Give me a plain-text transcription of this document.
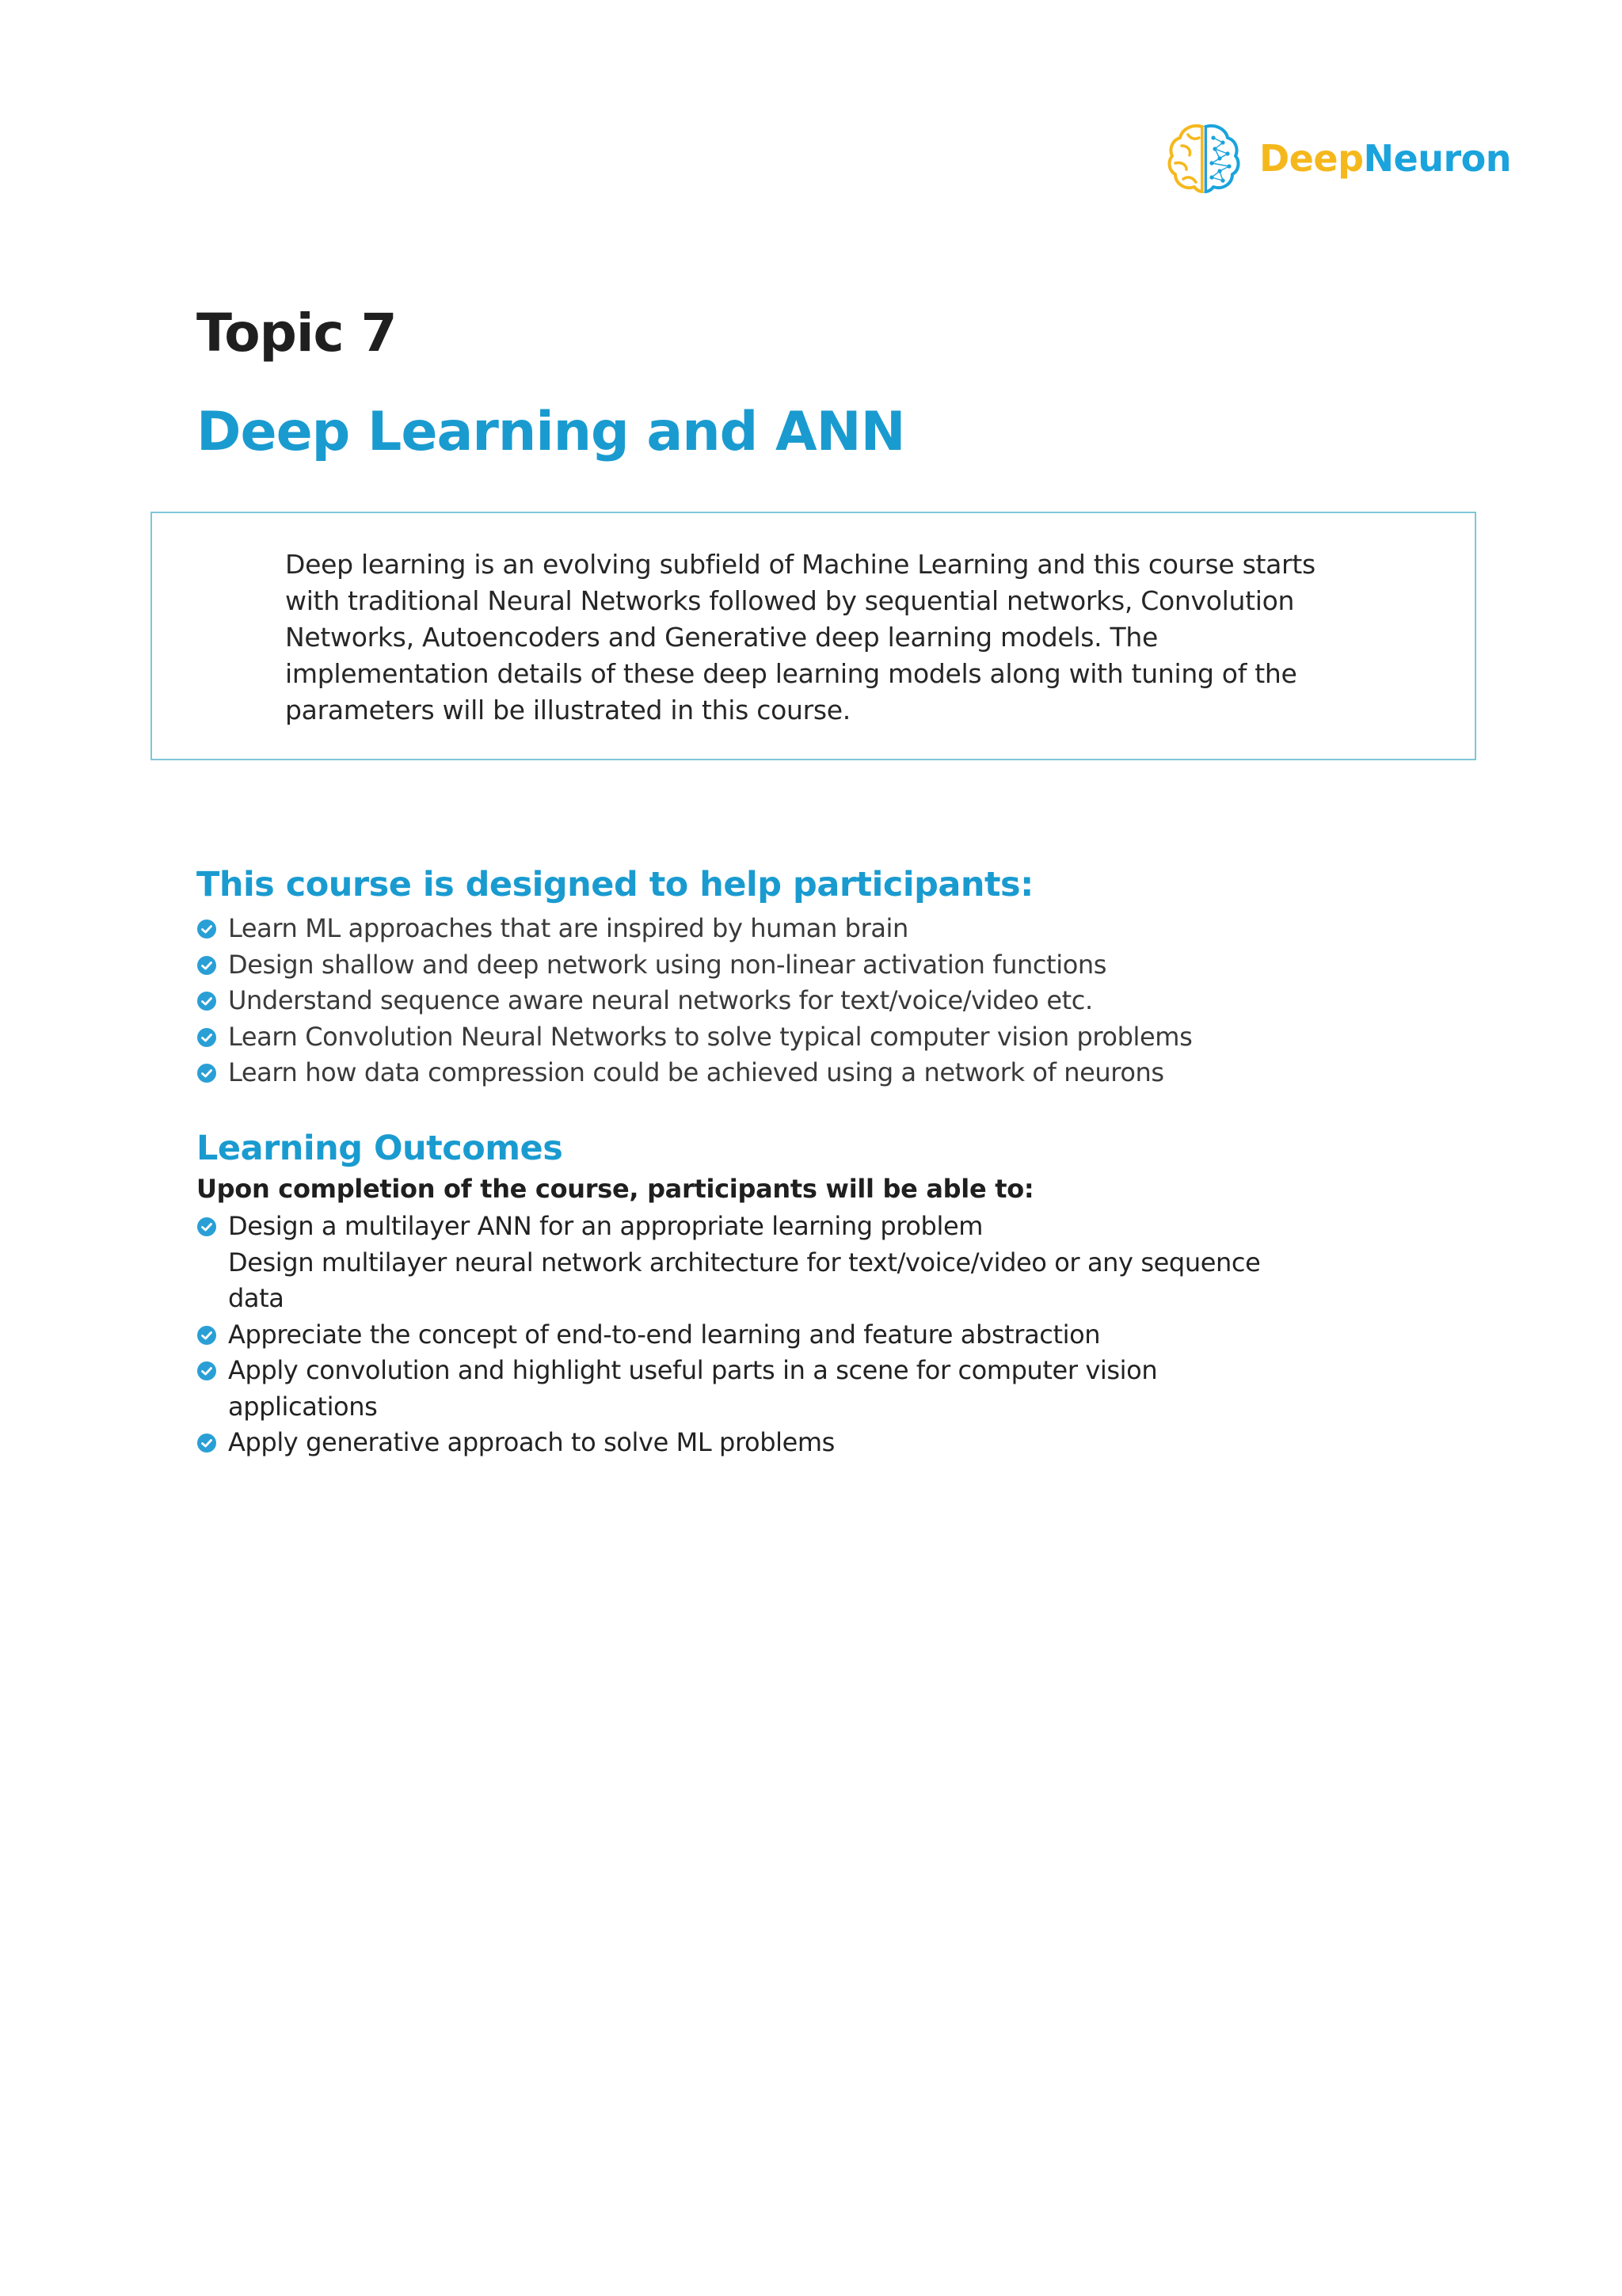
DeepNeuron
Topic 7
Deep Learning and ANN

Deep learning is an evolving subfield of Machine Learning and this course starts with traditional Neural Networks followed by sequential networks, Convolution Networks, Autoencoders and Generative deep learning models. The implementation details of these deep learning models along with tuning of the parameters will be illustrated in this course.

This course is designed to help participants:
Learn ML approaches that are inspired by human brain
Design shallow and deep network using non-linear activation functions
Understand sequence aware neural networks for text/voice/video etc.
Learn Convolution Neural Networks to solve typical computer vision problems
Learn how data compression could be achieved using a network of neurons
Learning Outcomes

Upon completion of the course, participants will be able to:

Design a multilayer ANN for an appropriate learning problem
Design multilayer neural network architecture for text/voice/video or any sequence data
Appreciate the concept of end-to-end learning and feature abstraction
Apply convolution and highlight useful parts in a scene for computer vision applications
Apply generative approach to solve ML problems
